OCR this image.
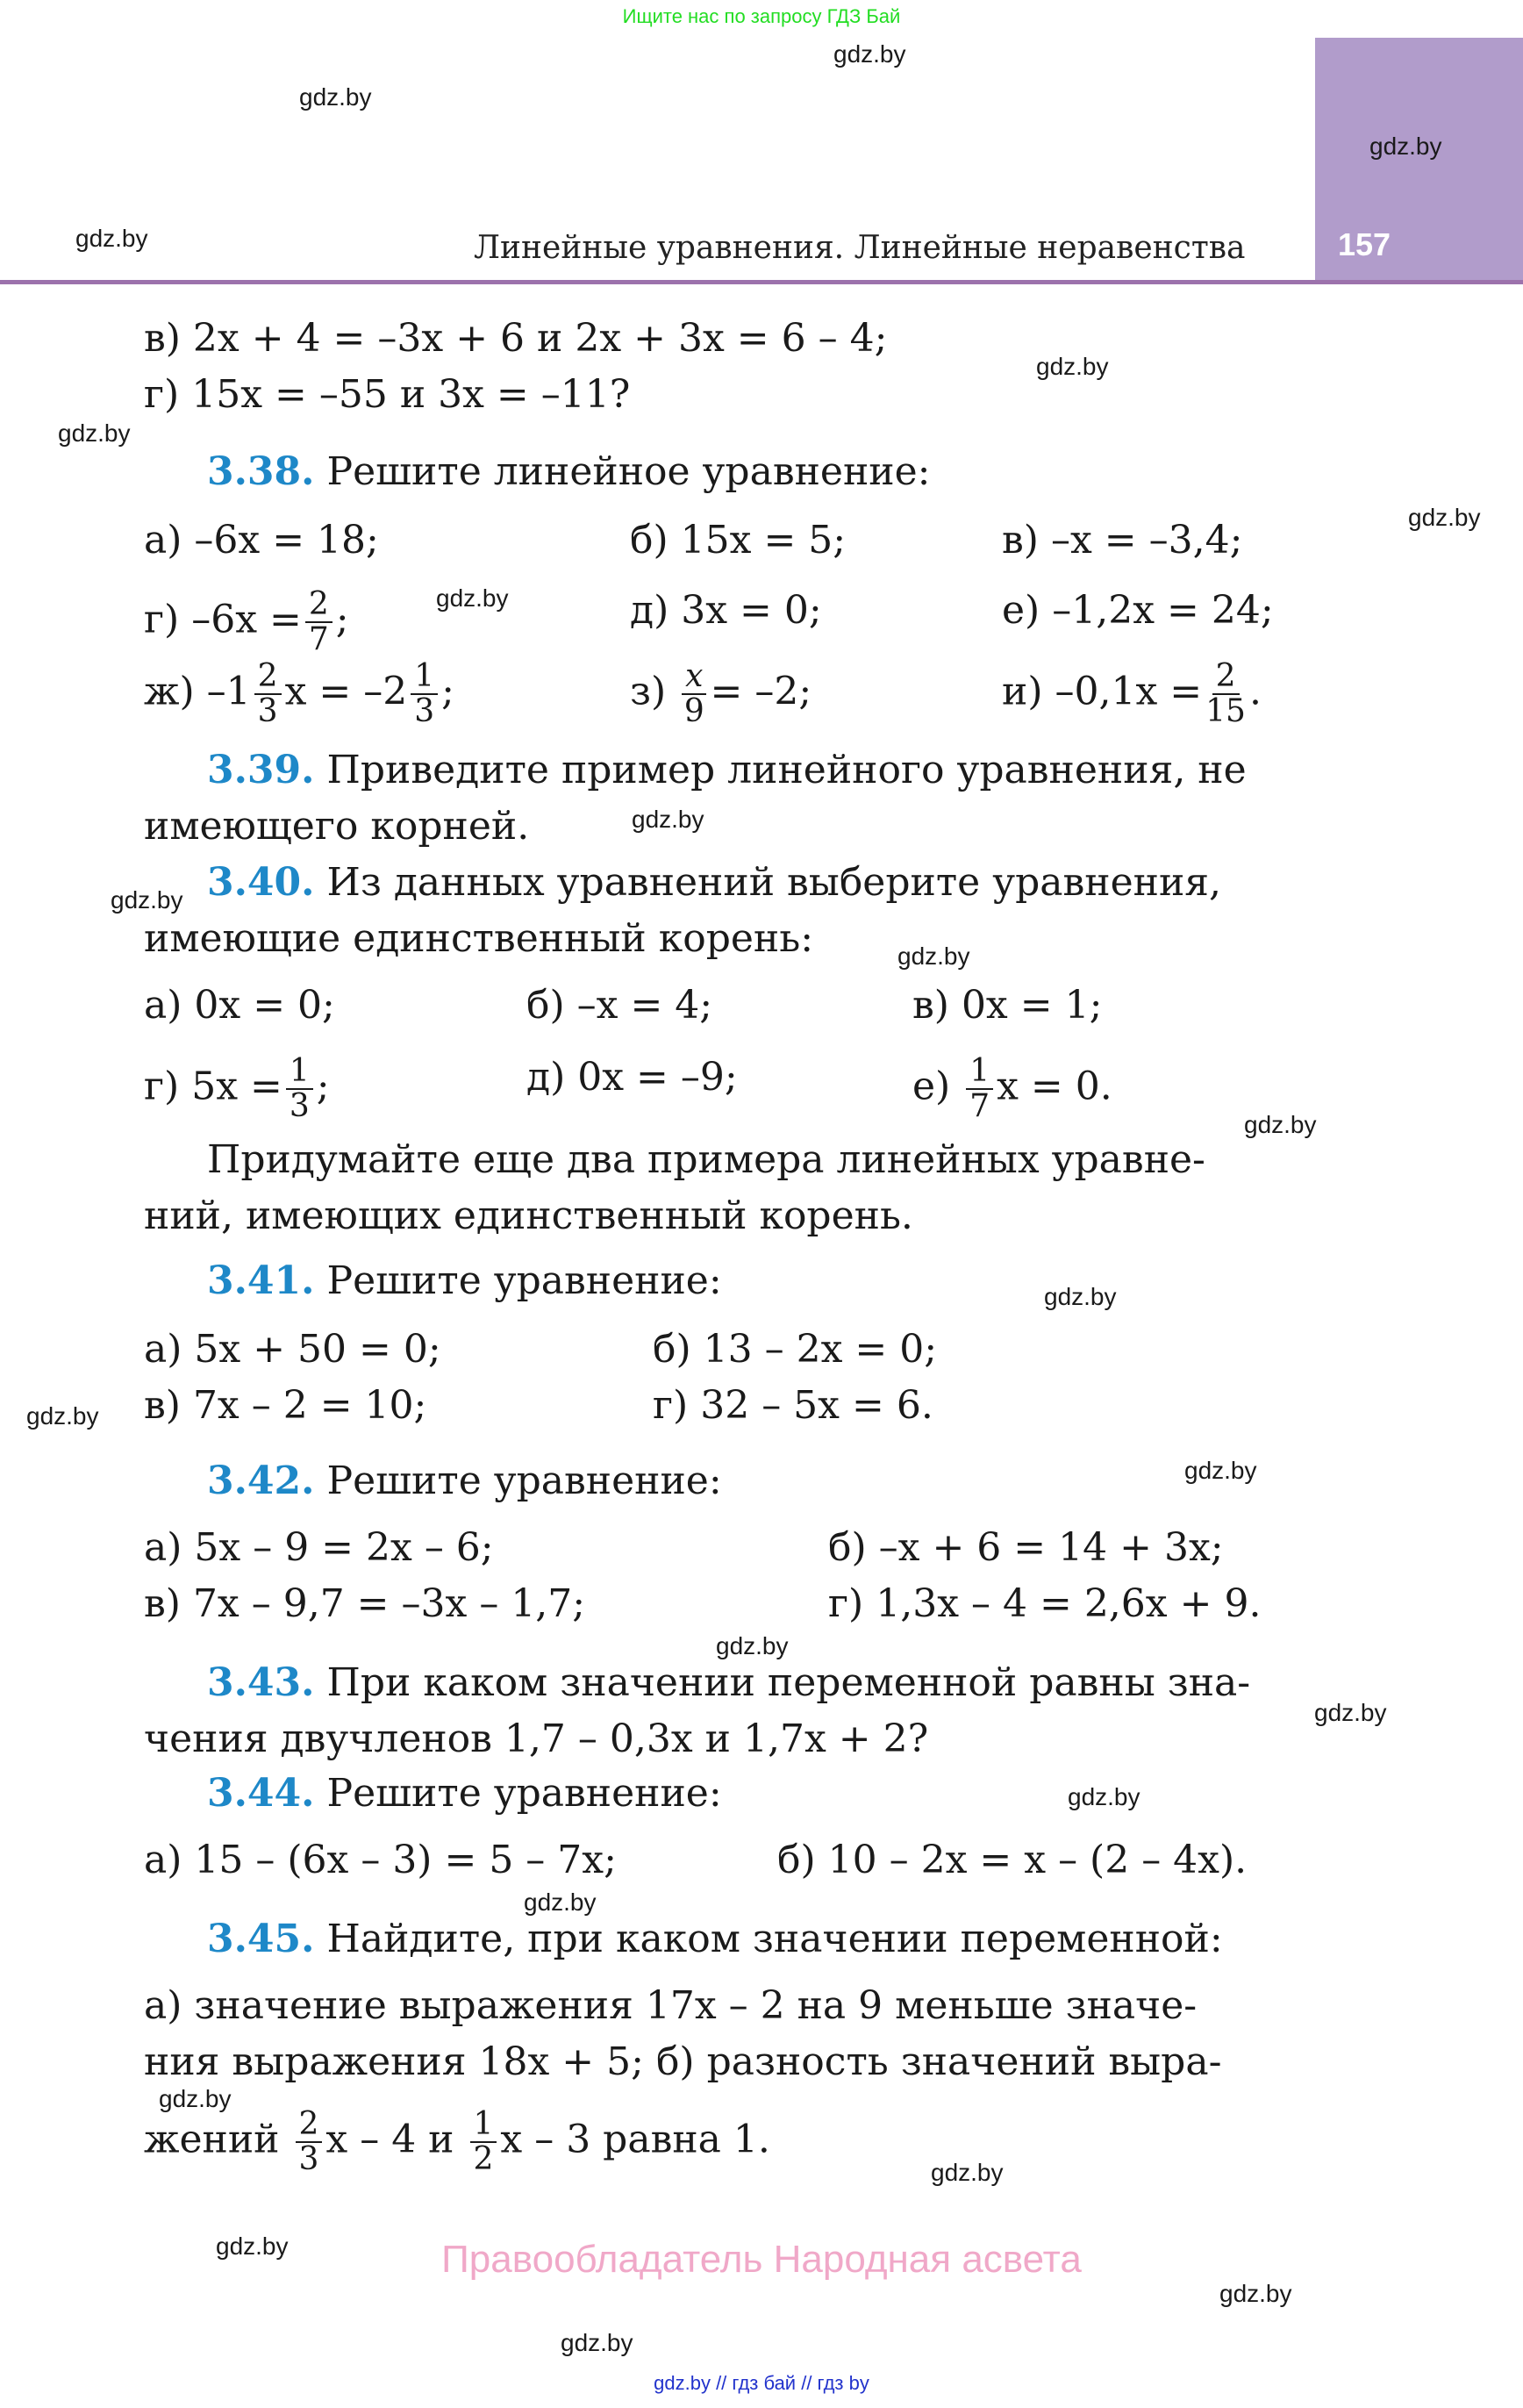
Ищите нас по запросу ГДЗ Бай
157
Линейные уравнения. Линейные неравенства
gdz.by
gdz.by
gdz.by
gdz.by
gdz.by
gdz.by
gdz.by
gdz.by
gdz.by
gdz.by
gdz.by
gdz.by
gdz.by
gdz.by
gdz.by
gdz.by
gdz.by
gdz.by
gdz.by
gdz.by
gdz.by
gdz.by
gdz.by
gdz.by
в) 2x + 4 = –3x + 6 и 2x + 3x = 6 – 4;
г) 15x = –55 и 3x = –11?
3.38. Решите линейное уравнение:
а) –6x = 18;	б) 15x = 5;	в) –x = –3,4;
г) $-6x = \frac{2}{7}$ ;	д) 3x = 0;	е) –1,2x = 24;
ж) $-1 \frac{2}{3}$ $x = -2 \frac{1}{3}$ ;	$з) \frac{x}{9} = -2$;	и) $-0,1x = \frac{2}{15}$ .
3.39. Приведите пример линейного уравнения, не
имеющего корней.
3.40. Из данных уравнений выберите уравнения,
имеющие единственный корень:
а) 0x = 0;	б) –x = 4;	в) 0x = 1;
г) $5x = \frac{1}{3}$ ;	д) 0x = –9;	$е) \frac{1}{7}$ x = 0.
Придумайте еще два примера линейных уравне-
ний, имеющих единственный корень.
3.41. Решите уравнение:
а) 5x + 50 = 0;	б) 13 – 2x = 0;
в) 7x – 2 = 10;	г) 32 – 5x = 6.
3.42. Решите уравнение:
а) 5x – 9 = 2x – 6;	б) –x + 6 = 14 + 3x;
в) 7x – 9,7 = –3x – 1,7;	г) 1,3x – 4 = 2,6x + 9.
3.43. При каком значении переменной равны зна-
чения двучленов 1,7 – 0,3x и 1,7x + 2?
3.44. Решите уравнение:
а) 15 – (6x – 3) = 5 – 7x;	б) 10 – 2x = x – (2 – 4x).
3.45. Найдите, при каком значении переменной:
а) значение выражения 17x – 2 на 9 меньше значе-
ния выражения 18x + 5; б) разность значений выра-
жений $\frac{2}{3}$ x – 4 и $\frac{1}{2}$ x – 3 равна 1.
Правообладатель Народная асвета
gdz.by // гдз бай // гдз by
